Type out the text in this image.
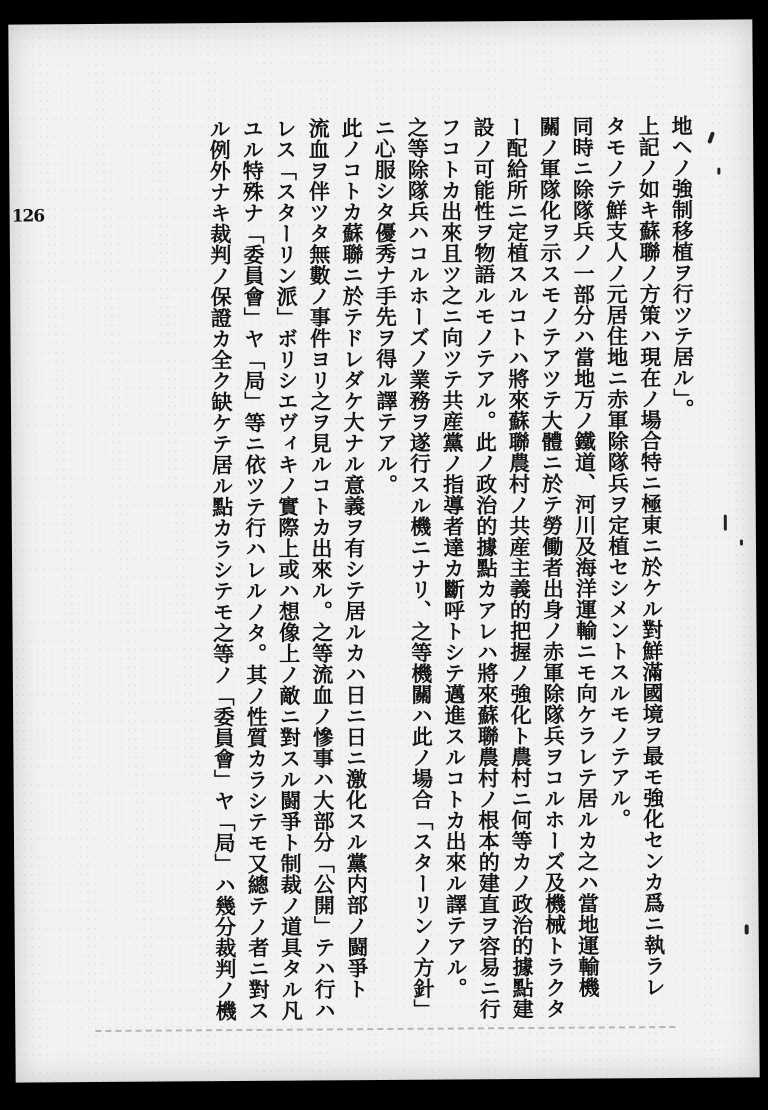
126	地ヘノ強制移植ヲ行ツテ居ル」。

上記ノ如キ蘇聯ノ方策ハ現在ノ場合特ニ極東ニ於ケル對鮮滿國境ヲ最モ強化センカ爲ニ執ラレ

タモノテ鮮支人ノ元居住地ニ赤軍除隊兵ヲ定植セシメントスルモノテアル。

同時ニ除隊兵ノ一部分ハ當地万ノ鐵道、河川及海洋運輸ニモ向ケラレテ居ルカ之ハ當地運輸機

關ノ軍隊化ヲ示スモノテアツテ大體ニ於テ勞働者出身ノ赤軍除隊兵ヲコルホーズ及機械トラクタ

ー配給所ニ定植スルコトハ將來蘇聯農村ノ共産主義的把握ノ強化ト農村ニ何等カノ政治的據點建

設ノ可能性ヲ物語ルモノテアル。此ノ政治的據點カアレハ將來蘇聯農村ノ根本的建直ヲ容易ニ行

フコトカ出來且ツ之ニ向ツテ共産黨ノ指導者達カ斷呼トシテ邁進スルコトカ出來ル譯テアル。

之等除隊兵ハコルホーズノ業務ヲ遂行スル機ニナリ、之等機關ハ此ノ場合「スターリンノ方針」

ニ心服シタ優秀ナ手先ヲ得ル譯テアル。

此ノコトカ蘇聯ニ於テドレダケ大ナル意義ヲ有シテ居ルカハ日ニ日ニ激化スル黨内部ノ闘爭ト

流血ヲ伴ツタ無數ノ事件ヨリ之ヲ見ルコトカ出來ル。之等流血ノ慘事ハ大部分「公開」テハ行ハ

レス「スターリン派」ボリシエヴィキノ實際上或ハ想像上ノ敵ニ對スル闘爭ト制裁ノ道具タル凡

ユル特殊ナ「委員會」ヤ「局」等ニ依ツテ行ハレルノタ。其ノ性質カラシテモ又總テノ者ニ對ス

ル例外ナキ裁判ノ保證カ全ク缺ケテ居ル點カラシテモ之等ノ「委員會」ヤ「局」ハ幾分裁判ノ機
